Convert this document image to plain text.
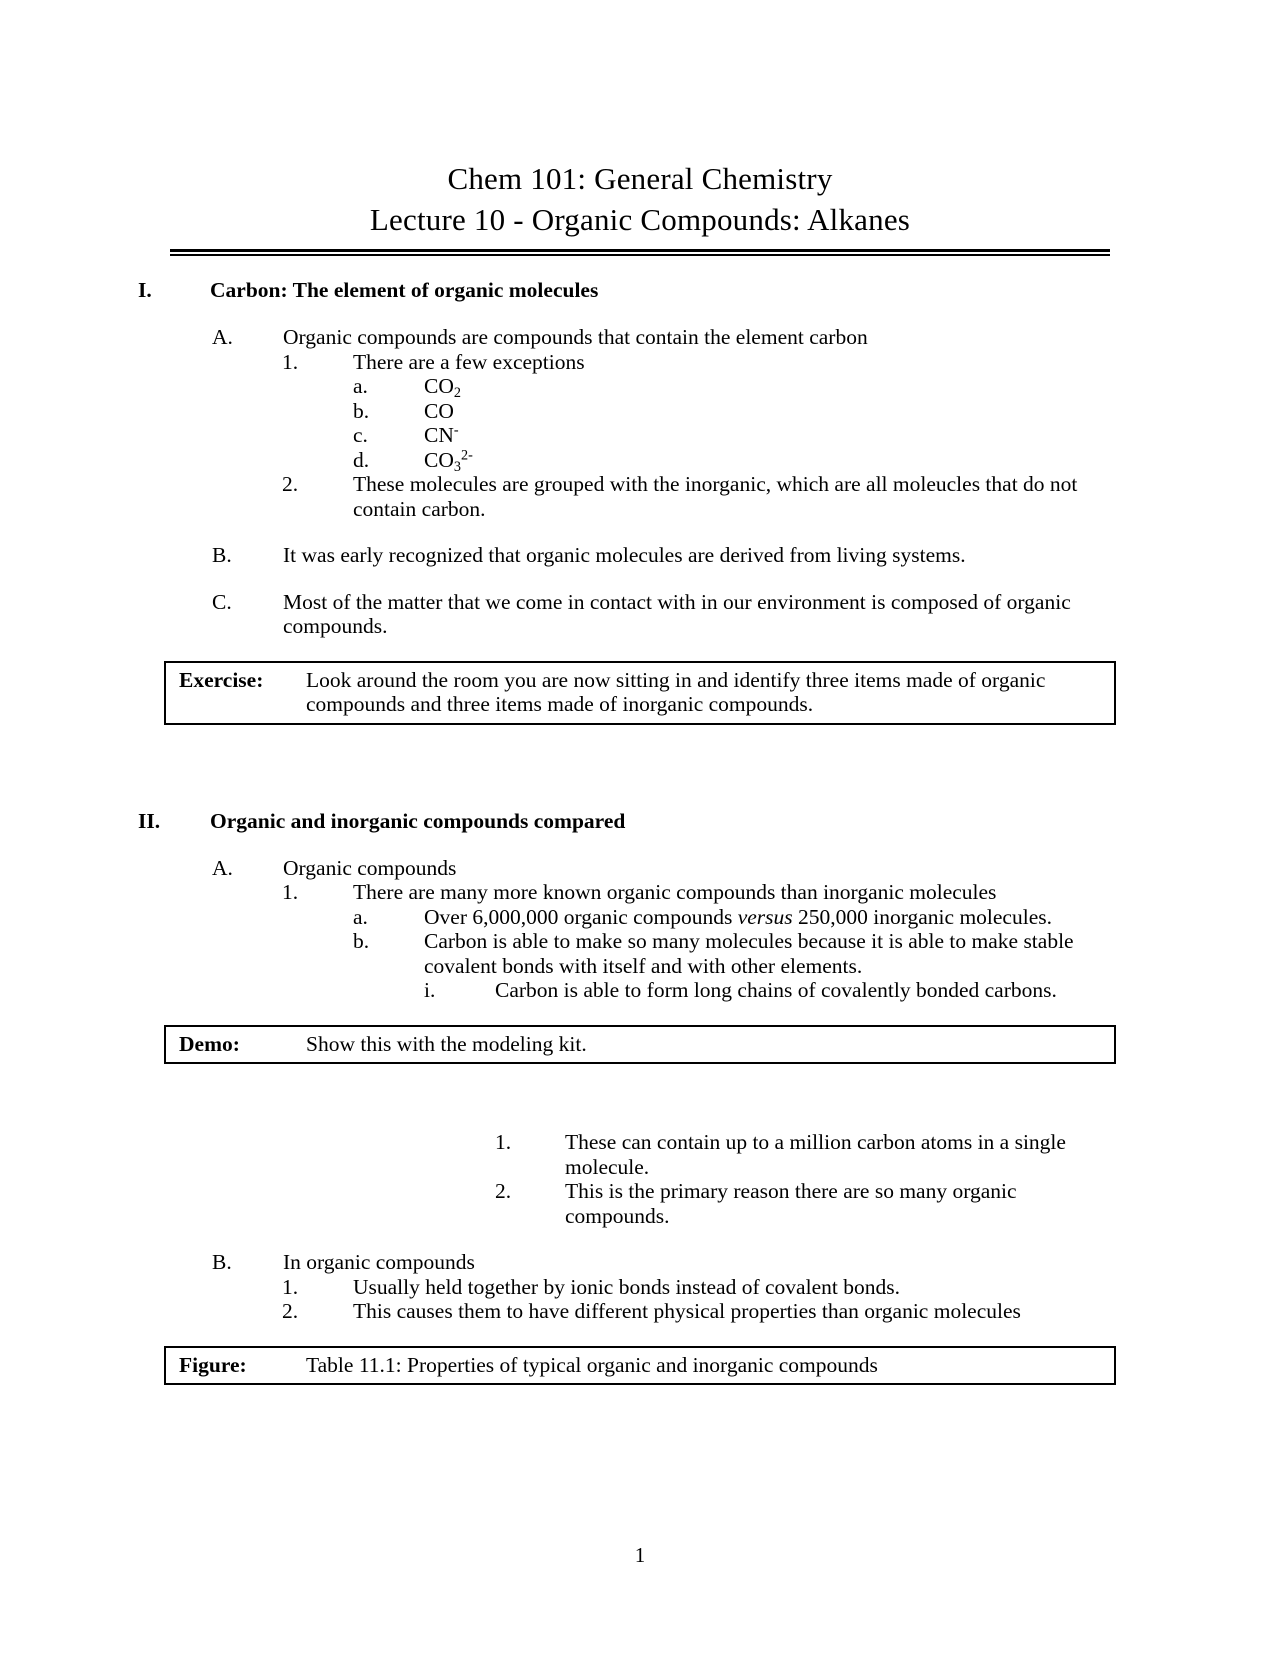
Chem 101: General Chemistry
Lecture 10 - Organic Compounds: Alkanes
I.	Carbon: The element of organic molecules
A.	Organic compounds are compounds that contain the element carbon
1.	There are a few exceptions
a.	$CO_2$
b.	CO
c.	CN-
d.	$CO_3^{2-}$
2.	These molecules are grouped with the inorganic, which are all moleucles that do not contain carbon.
B.	It was early recognized that organic molecules are derived from living systems.
C.	Most of the matter that we come in contact with in our environment is composed of organic compounds.
Exercise:	Look around the room you are now sitting in and identify three items made of organic compounds and three items made of inorganic compounds.
II.	Organic and inorganic compounds compared
A.	Organic compounds
1.	There are many more known organic compounds than inorganic molecules
a.	Over 6,000,000 organic compounds versus 250,000 inorganic molecules.
b.	Carbon is able to make so many molecules because it is able to make stable covalent bonds with itself and with other elements.
i.	Carbon is able to form long chains of covalently bonded carbons.
Demo:	Show this with the modeling kit.
1.	These can contain up to a million carbon atoms in a single molecule.
2.	This is the primary reason there are so many organic compounds.
B.	In organic compounds
1.	Usually held together by ionic bonds instead of covalent bonds.
2.	This causes them to have different physical properties than organic molecules
Figure:	Table 11.1: Properties of typical organic and inorganic compounds
1
